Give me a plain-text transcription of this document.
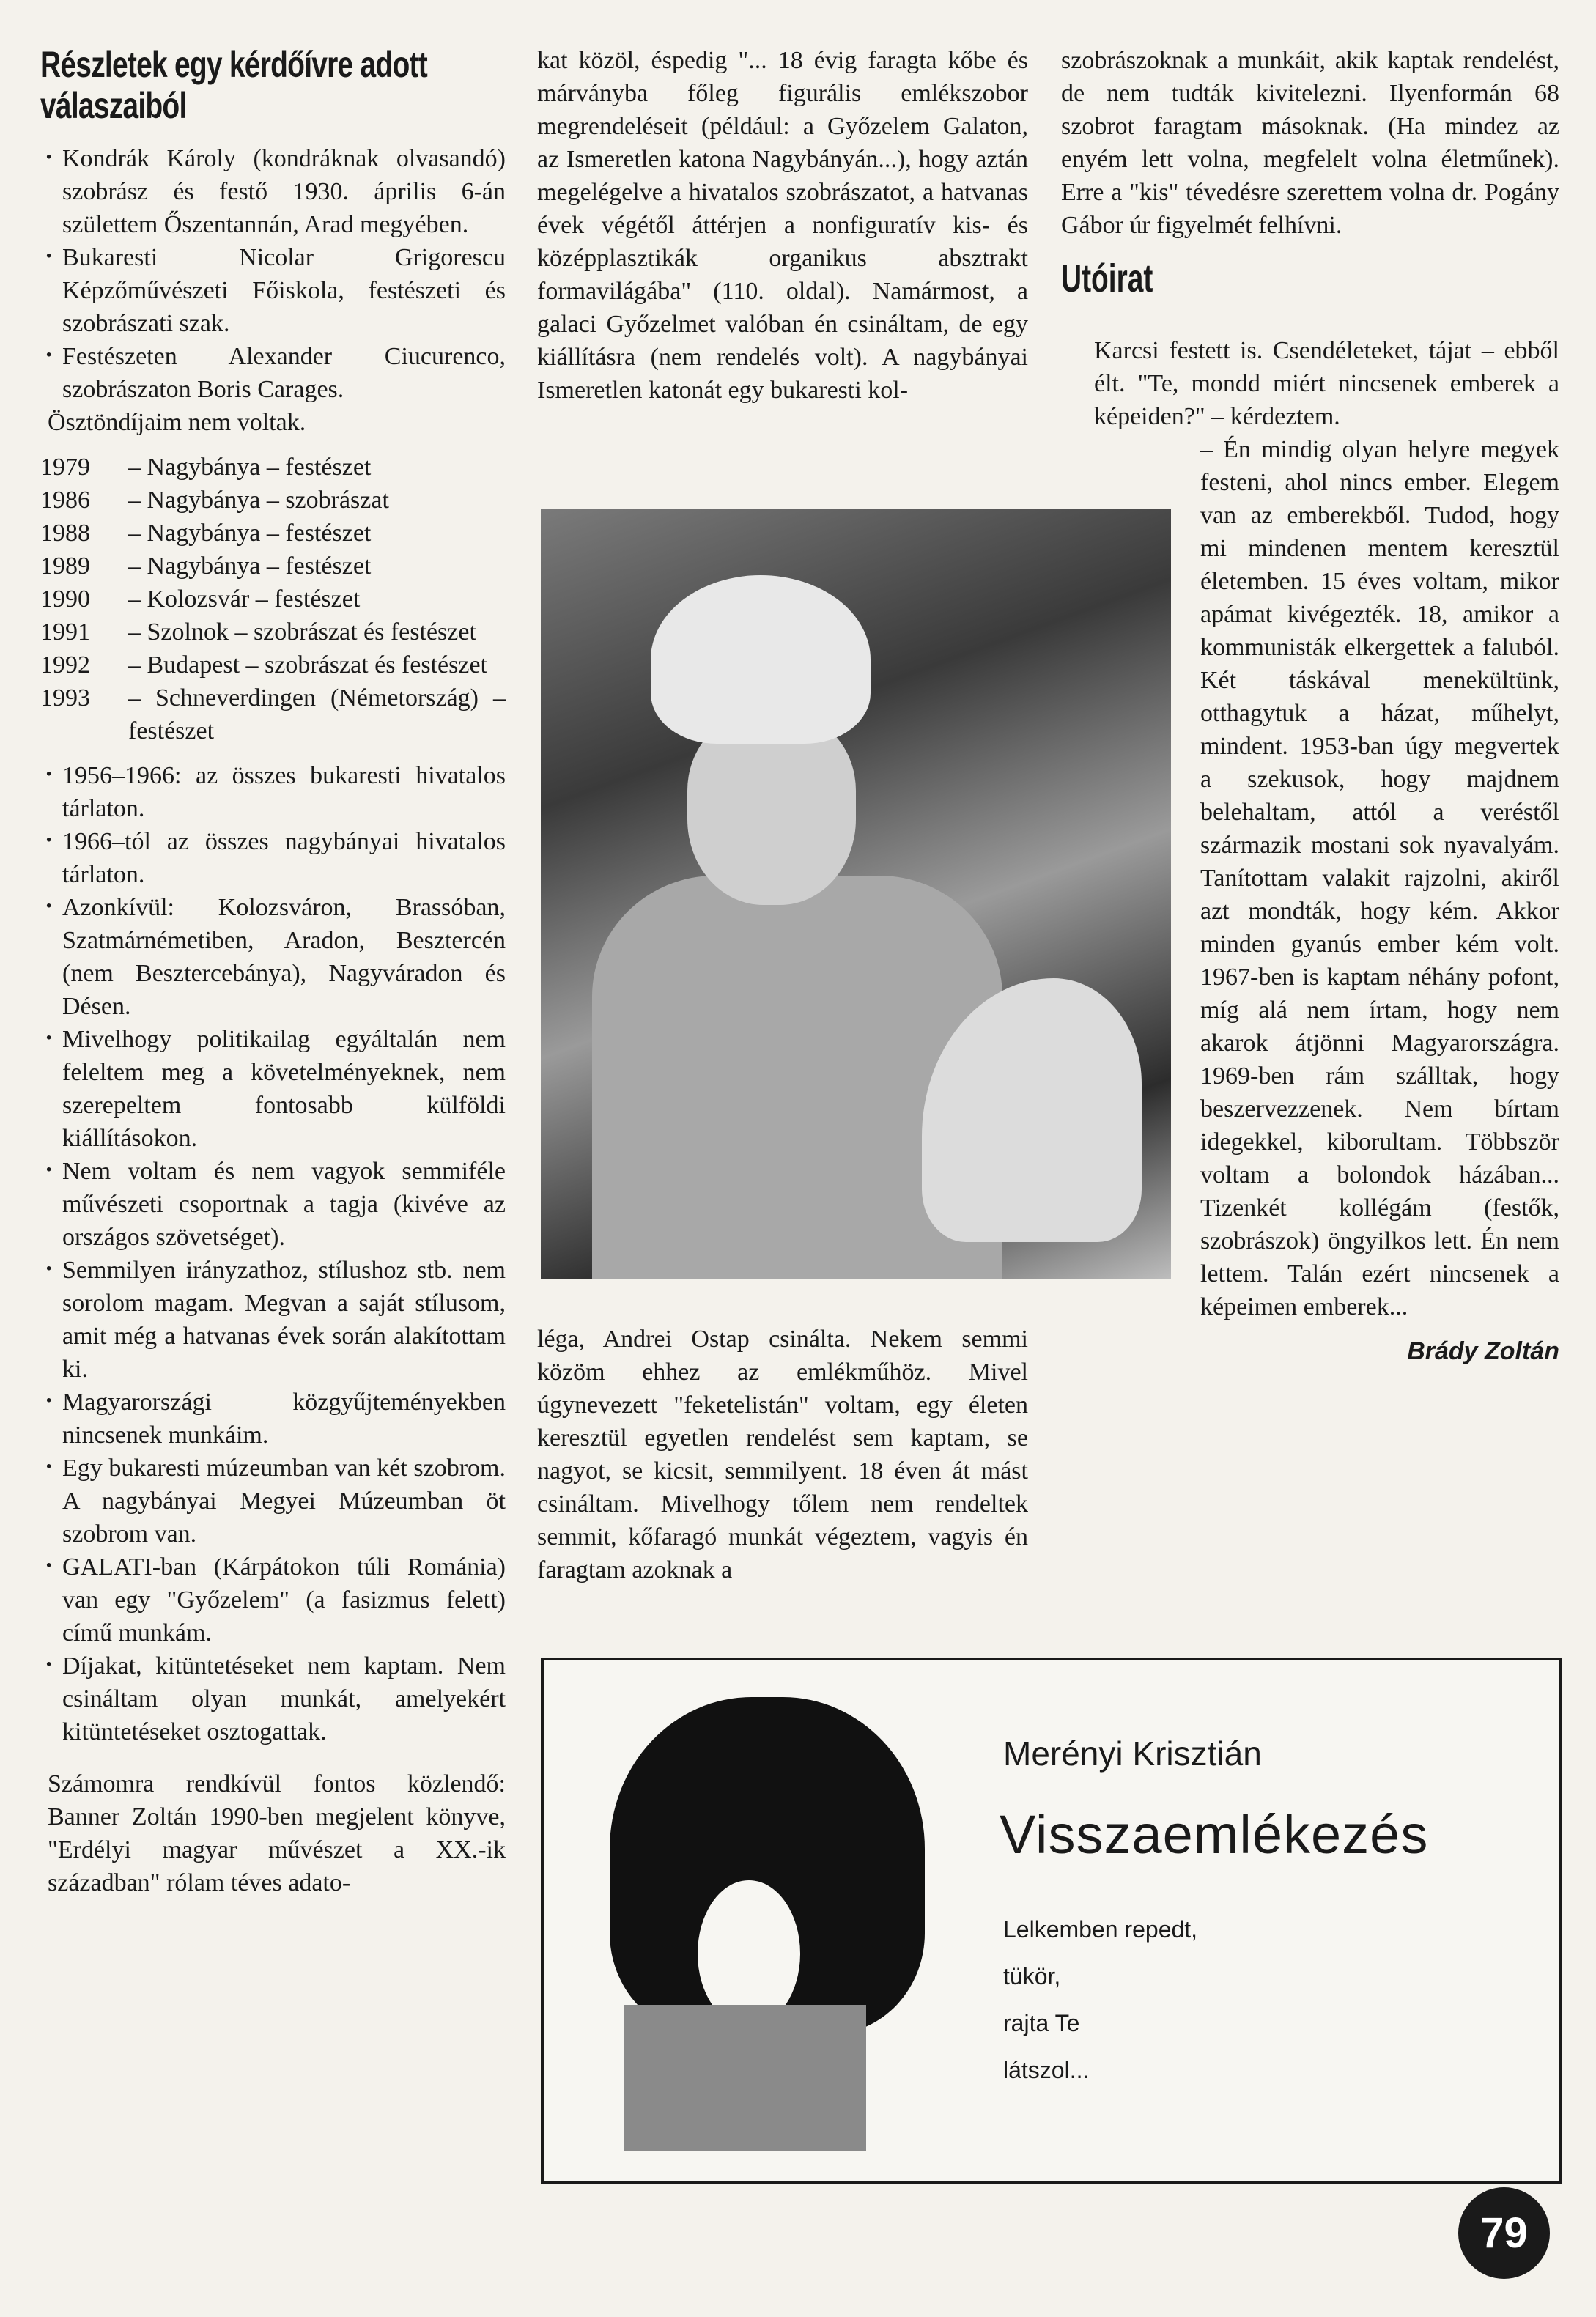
Részletek egy kérdőívre adott válaszaiból

· Kondrák Károly (kondráknak olvasandó) szobrász és festő 1930. április 6-án születtem Őszentannán, Arad megyében.

· Bukaresti Nicolar Grigorescu Képzőművészeti Főiskola, festészeti és szobrászati szak.

· Festészeten Alexander Ciucurenco, szobrászaton Boris Carages.

Ösztöndíjaim nem voltak.

1979	– Nagybánya – festészet
1986	– Nagybánya – szobrászat
1988	– Nagybánya – festészet
1989	– Nagybánya – festészet
1990	– Kolozsvár – festészet
1991	– Szolnok – szobrászat és festészet
1992	– Budapest – szobrászat és festészet
1993	– Schneverdingen (Németország) – festészet

· 1956–1966: az összes bukaresti hivatalos tárlaton.

· 1966–tól az összes nagybányai hivatalos tárlaton.

· Azonkívül: Kolozsváron, Brassóban, Szatmárnémetiben, Aradon, Besztercén (nem Besztercebánya), Nagyváradon és Désen.

· Mivelhogy politikailag egyáltalán nem feleltem meg a követelményeknek, nem szerepeltem fontosabb külföldi kiállításokon.

· Nem voltam és nem vagyok semmiféle művészeti csoportnak a tagja (kivéve az országos szövetséget).

· Semmilyen irányzathoz, stílushoz stb. nem sorolom magam. Megvan a saját stílusom, amit még a hatvanas évek során alakítottam ki.

· Magyarországi közgyűjteményekben nincsenek munkáim.

· Egy bukaresti múzeumban van két szobrom. A nagybányai Megyei Múzeumban öt szobrom van.

· GALATI-ban (Kárpátokon túli Románia) van egy "Győzelem" (a fasizmus felett) című munkám.

· Díjakat, kitüntetéseket nem kaptam. Nem csináltam olyan munkát, amelyekért kitüntetéseket osztogattak.

Számomra rendkívül fontos közlendő: Banner Zoltán 1990-ben megjelent könyve, "Erdélyi magyar művészet a XX.-ik században" rólam téves adato-

kat közöl, éspedig "... 18 évig faragta kőbe és márványba főleg figurális emlékszobor megrendeléseit (például: a Győzelem Galaton, az Ismeretlen katona Nagybányán...), hogy aztán megelégelve a hivatalos szobrászatot, a hatvanas évek végétől áttérjen a nonfiguratív kis- és középplasztikák organikus absztrakt formavilágába" (110. oldal). Namármost, a galaci Győzelmet valóban én csináltam, de egy kiállításra (nem rendelés volt). A nagybányai Ismeretlen katonát egy bukaresti kol-

léga, Andrei Ostap csinálta. Nekem semmi közöm ehhez az emlékműhöz. Mivel úgynevezett "feketelistán" voltam, egy életen keresztül egyetlen rendelést sem kaptam, se nagyot, se kicsit, semmilyent. 18 éven át mást csináltam. Mivelhogy tőlem nem rendeltek semmit, kőfaragó munkát végeztem, vagyis én faragtam azoknak a

szobrászoknak a munkáit, akik kaptak rendelést, de nem tudták kivitelezni. Ilyenformán 68 szobrot faragtam másoknak. (Ha mindez az enyém lett volna, megfelelt volna életműnek). Erre a "kis" tévedésre szerettem volna dr. Pogány Gábor úr figyelmét felhívni.

Utóirat

Karcsi festett is. Csendéleteket, tájat – ebből élt. "Te, mondd miért nincsenek emberek a képeiden?" – kérdeztem.

– Én mindig olyan helyre megyek festeni, ahol nincs ember. Elegem van az emberekből. Tudod, hogy mi mindenen mentem keresztül életemben. 15 éves voltam, mikor apámat kivégezték. 18, amikor a kommunisták elkergettek a faluból. Két táskával menekültünk, otthagytuk a házat, műhelyt, mindent. 1953-ban úgy megvertek a szekusok, hogy majdnem belehaltam, attól a veréstől származik mostani sok nyavalyám. Tanítottam valakit rajzolni, akiről azt mondták, hogy kém. Akkor minden gyanús ember kém volt. 1967-ben is kaptam néhány pofont, míg alá nem írtam, hogy nem akarok átjönni Magyarországra. 1969-ben rám szálltak, hogy beszervezzenek. Nem bírtam idegekkel, kiborultam. Többször voltam a bolondok házában... Tizenkét kollégám (festők, szobrászok) öngyilkos lett. Én nem lettem. Talán ezért nincsenek a képeimen emberek...

Brády Zoltán
Merényi Krisztián
Visszaemlékezés
Lelkemben repedt,
tükör,
rajta Te
látszol...
79
